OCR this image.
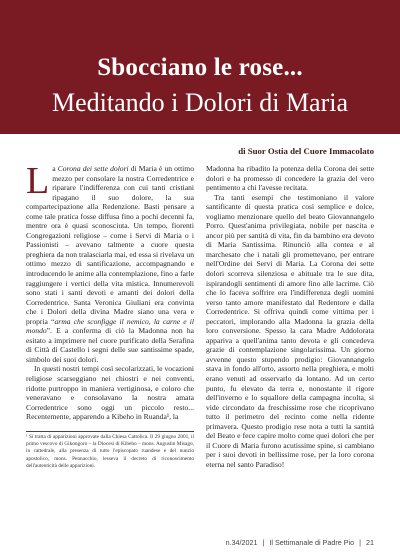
Sbocciano le rose...
Meditando i Dolori di Maria
di Suor Ostia del Cuore Immacolato

La Corona dei sette dolori di Maria è un ottimo mezzo per consolare la nostra Corredentrice e riparare l'indifferenza con cui tanti cristiani ripagano il suo dolore, la sua compartecipazione alla Redenzione. Basti pensare a come tale pratica fosse diffusa fino a pochi decenni fa, mentre ora è quasi sconosciuta. Un tempo, fiorenti Congregazioni religiose – come i Servi di Maria o i Passionisti – avevano talmente a cuore questa preghiera da non tralasciarla mai, ed essa si rivelava un ottimo mezzo di santificazione, accompagnando e introducendo le anime alla contemplazione, fino a farle raggiungere i vertici della vita mistica. Innumerevoli sono stati i santi devoti e amanti dei dolori della Corredentrice. Santa Veronica Giuliani era convinta che i Dolori della divina Madre siano una vera e propria “arma che sconfigge il nemico, la carne e il mondo”. E a conferma di ciò la Madonna non ha esitato a imprimere nel cuore purificato della Serafina di Città di Castello i segni delle sue santissime spade, simbolo dei suoi dolori.

In questi nostri tempi così secolarizzati, le vocazioni religiose scarseggiano nei chiostri e nei conventi, ridotte purtroppo in maniera vertiginosa, e coloro che veneravano e consolavano la nostra amata Corredentrice sono oggi un piccolo resto... Recentemente, apparendo a Kibeho in Ruanda¹, la

¹ Si tratta di apparizioni approvate dalla Chiesa Cattolica. Il 29 giugno 2001, il primo vescovo di Gikongoro – la Diocesi di Kibeho – mons. Augustin Misago, in cattedrale, alla presenza di tutto l'episcopato ruandese e del nunzio apostolico, mons. Pennacchio, lesseva il decreto di riconoscimento dell'autenticità delle apparizioni.

Madonna ha ribadito la potenza della Corona dei sette dolori e ha promesso di concedere la grazia del vero pentimento a chi l'avesse recitata.

Tra tanti esempi che testimoniano il valore santificante di questa pratica così semplice e dolce, vogliamo menzionare quello del beato Giovannangelo Porro. Quest'anima privilegiata, nobile per nascita e ancor più per santità di vita, fin da bambino era devoto di Maria Santissima. Rinunciò alla contea e al marchesato che i natali gli promettevano, per entrare nell'Ordine dei Servi di Maria. La Corona dei sette dolori scorreva silenziosa e abituale tra le sue dita, ispirandogli sentimenti di amore fino alle lacrime. Ciò che lo faceva soffrire era l'indifferenza degli uomini verso tanto amore manifestato dal Redentore e dalla Corredentrice. Si offriva quindi come vittima per i peccatori, implorando alla Madonna la grazia della loro conversione. Spesso la cara Madre Addolorata appariva a quell'anima tanto devota e gli concedeva grazie di contemplazione singolarissima. Un giorno avvenne questo stupendo prodigio: Giovannangelo stava in fondo all'orto, assorto nella preghiera, e molti erano venuti ad osservarlo da lontano. Ad un certo punto, fu elevato da terra e, nonostante il rigore dell'inverno e lo squallore della campagna incolta, si vide circondato da freschissime rose che ricoprivano tutto il perimetro del recinto come nella ridente primavera. Questo prodigio rese nota a tutti la santità del Beato e fece capire molto come quei dolori che per il Cuore di Maria furono acutissime spine, si cambiano per i suoi devoti in bellissime rose, per la loro corona eterna nel santo Paradiso!

n.34/2021 | Il Settimanale di Padre Pio | 21
